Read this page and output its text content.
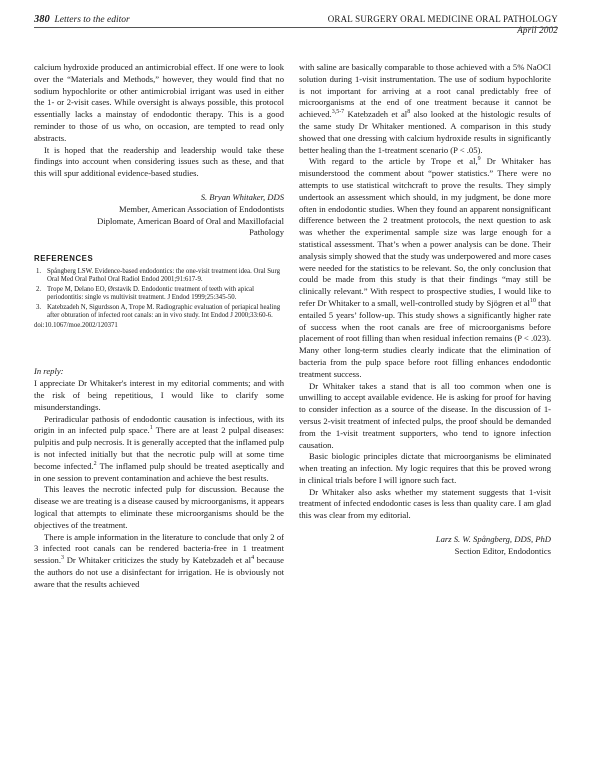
380 Letters to the editor	ORAL SURGERY ORAL MEDICINE ORAL PATHOLOGY
April 2002

calcium hydroxide produced an antimicrobial effect. If one were to look over the “Materials and Methods,” however, they would find that no sodium hypochlorite or other antimicrobial irrigant was used in either the 1- or 2-visit cases. While oversight is always possible, this protocol essentially lacks a mainstay of endodontic therapy. This is a good reminder to those of us who, on occasion, are tempted to read only abstracts.

It is hoped that the readership and leadership would take these findings into account when considering issues such as these, and that this will spur additional evidence-based studies.

S. Bryan Whitaker, DDS
Member, American Association of Endodontists
Diplomate, American Board of Oral and Maxillofacial
Pathology
REFERENCES
1. Spångberg LSW. Evidence-based endodontics: the one-visit treatment idea. Oral Surg Oral Med Oral Pathol Oral Radiol Endod 2001;91:617-9.
2. Trope M, Delano EO, Ørstavik D. Endodontic treatment of teeth with apical periodontitis: single vs multivisit treatment. J Endod 1999;25:345-50.
3. Katebzadeh N, Sigurdsson A, Trope M. Radiographic evaluation of periapical healing after obturation of infected root canals: an in vivo study. Int Endod J 2000;33:60-6.
doi:10.1067/moe.2002/120371
In reply:

I appreciate Dr Whitaker's interest in my editorial comments; and with the risk of being repetitious, I would like to clarify some misunderstandings.

Periradicular pathosis of endodontic causation is infectious, with its origin in an infected pulp space.$^1$ There are at least 2 pulpal diseases: pulpitis and pulp necrosis. It is generally accepted that the inflamed pulp is not infected initially but that the necrotic pulp will at some time become infected.$^2$ The inflamed pulp should be treated aseptically and in one session to prevent contamination and achieve the best results.

This leaves the necrotic infected pulp for discussion. Because the disease we are treating is a disease caused by microorganisms, it appears logical that attempts to eliminate these microorganisms should be the objectives of the treatment.

There is ample information in the literature to conclude that only 2 of 3 infected root canals can be rendered bacteria-free in 1 treatment session.$^3$ Dr Whitaker criticizes the study by Katebzadeh et $al^4$ because the authors do not use a disinfectant for irrigation. He is obviously not aware that the results achieved

with saline are basically comparable to those achieved with a 5% NaOCl solution during 1-visit instrumentation. The use of sodium hypochlorite is not important for arriving at a root canal predictably free of microorganisms at the end of one treatment because it cannot be achieved.$^{3,5-7}$ Katebzadeh et $al^8$ also looked at the histologic results of the same study Dr Whitaker mentioned. A comparison in this study showed that one dressing with calcium hydroxide results in significantly better healing than the 1-treatment scenario (P < .05).

With regard to the article by Trope et al,$^9$ Dr Whitaker has misunderstood the comment about “power statistics.” There were no attempts to use statistical witchcraft to prove the results. They simply undertook an assessment which should, in my judgment, be done more often in endodontic studies. When they found an apparent nonsignificant difference between the 2 treatment protocols, the next question to ask was whether the experimental sample size was large enough for a statistical assessment. That’s when a power analysis can be done. Their analysis simply showed that the study was underpowered and more cases were needed for the statistics to be relevant. So, the only conclusion that could be made from this study is that their findings “may still be clinically relevant.” With respect to prospective studies, I would like to refer Dr Whitaker to a small, well-controlled study by Sjögren et $al^{10}$ that entailed 5 years’ follow-up. This study shows a significantly higher rate of success when the root canals are free of microorganisms before placement of root filling than when residual infection remains (P < .023). Many other long-term studies clearly indicate that the elimination of bacteria from the pulp space before root filling enhances endodontic treatment success.

Dr Whitaker takes a stand that is all too common when one is unwilling to accept available evidence. He is asking for proof for having to consider infection as a source of the disease. In the discussion of 1- versus 2-visit treatment of infected pulps, the proof should be demanded from the 1-visit treatment supporters, who tend to ignore infection causation.

Basic biologic principles dictate that microorganisms be eliminated when treating an infection. My logic requires that this be proved wrong in clinical trials before I will ignore such fact.

Dr Whitaker also asks whether my statement suggests that 1-visit treatment of infected endodontic cases is less than quality care. I am glad this was clear from my editorial.

Larz S. W. Spångberg, DDS, PhD
Section Editor, Endodontics
